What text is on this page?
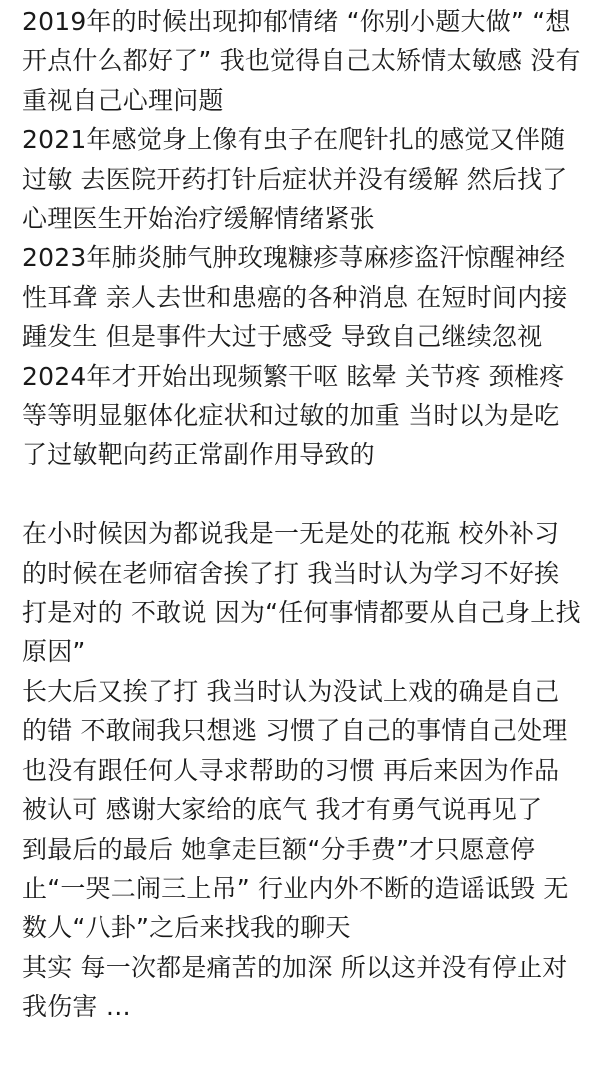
2019年的时候出现抑郁情绪 “你别小题大做” “想开点什么都好了” 我也觉得自己太矫情太敏感 没有重视自己心理问题

2021年感觉身上像有虫子在爬针扎的感觉又伴随过敏 去医院开药打针后症状并没有缓解 然后找了心理医生开始治疗缓解情绪紧张

2023年肺炎肺气肿玫瑰糠疹荨麻疹盗汗惊醒神经性耳聋 亲人去世和患癌的各种消息 在短时间内接踵发生 但是事件大过于感受 导致自己继续忽视

2024年才开始出现频繁干呕 眩晕 关节疼 颈椎疼等等明显躯体化症状和过敏的加重 当时以为是吃了过敏靶向药正常副作用导致的

在小时候因为都说我是一无是处的花瓶 校外补习的时候在老师宿舍挨了打 我当时认为学习不好挨打是对的 不敢说 因为“任何事情都要从自己身上找原因”

长大后又挨了打 我当时认为没试上戏的确是自己的错 不敢闹我只想逃 习惯了自己的事情自己处理 也没有跟任何人寻求帮助的习惯 再后来因为作品被认可 感谢大家给的底气 我才有勇气说再见了

到最后的最后 她拿走巨额“分手费”才只愿意停止“一哭二闹三上吊” 行业内外不断的造谣诋毁 无数人“八卦”之后来找我的聊天

其实 每一次都是痛苦的加深 所以这并没有停止对我伤害 …
